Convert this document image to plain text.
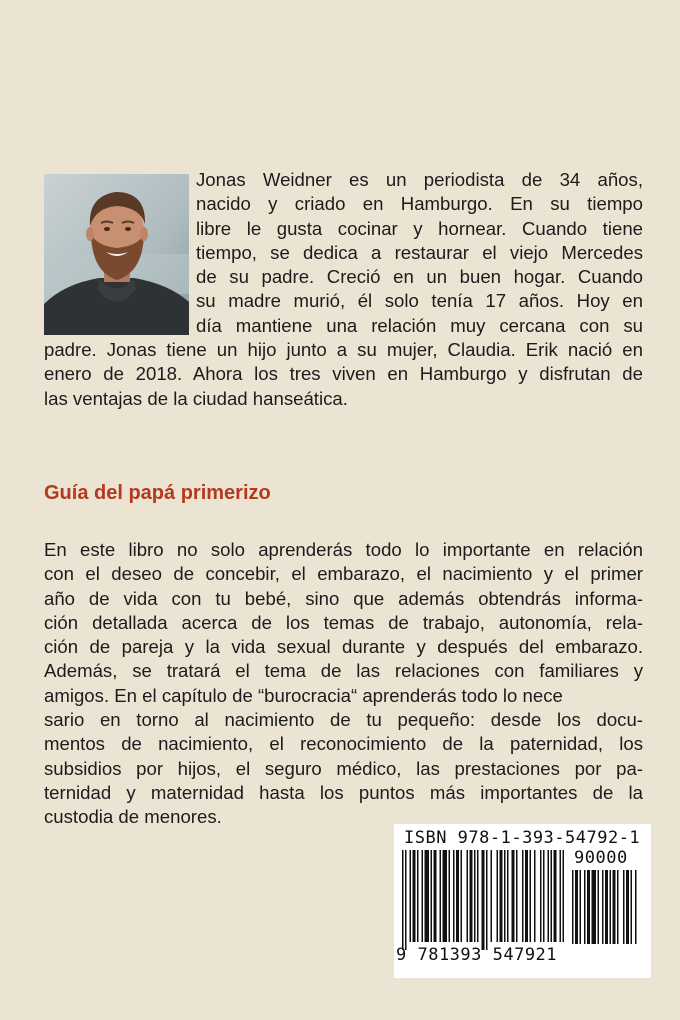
Jonas Weidner es un periodista de 34 años,
nacido y criado en Hamburgo. En su tiempo
libre le gusta cocinar y hornear. Cuando tiene
tiempo, se dedica a restaurar el viejo Mercedes
de su padre. Creció en un buen hogar. Cuando
su madre murió, él solo tenía 17 años. Hoy en
día mantiene una relación muy cercana con su
padre. Jonas tiene un hijo junto a su mujer, Claudia. Erik nació en
enero de 2018. Ahora los tres viven en Hamburgo y disfrutan de
las ventajas de la ciudad hanseática.
Guía del papá primerizo
En este libro no solo aprenderás todo lo importante en relación
con el deseo de concebir, el embarazo, el nacimiento y el primer
año de vida con tu bebé, sino que además obtendrás informa-
ción detallada acerca de los temas de trabajo, autonomía, rela-
ción de pareja y la vida sexual durante y después del embarazo.
Además, se tratará el tema de las relaciones con familiares y
amigos. En el capítulo de “burocracia“ aprenderás todo lo nece
sario en torno al nacimiento de tu pequeño: desde los docu-
mentos de nacimiento, el reconocimiento de la paternidad, los
subsidios por hijos, el seguro médico, las prestaciones por pa-
ternidad y maternidad hasta los puntos más importantes de la
custodia de menores.
ISBN 978-1-393-54792-1
90000
9 781393 547921
